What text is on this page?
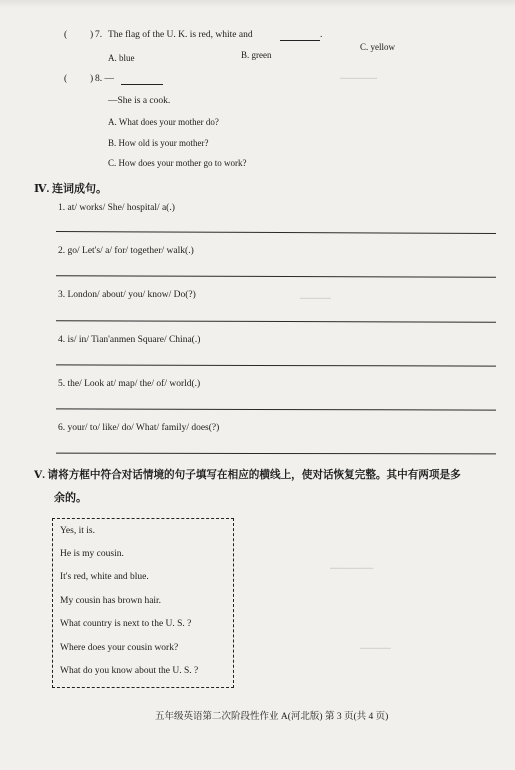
▁▁▁▁▁▁
▁▁▁▁▁
▁▁▁▁▁▁▁
▁▁▁▁▁
( ) 7. The flag of the U. K. is red, white and	.
A. blue	B. green
C. yellow
( ) 8. —
—She is a cook.
A. What does your mother do?
B. How old is your mother?
C. How does your mother go to work?
Ⅳ. 连词成句。
1. at/ works/ She/ hospital/ a(.)
2. go/ Let's/ a/ for/ together/ walk(.)
3. London/ about/ you/ know/ Do(?)
4. is/ in/ Tian'anmen Square/ China(.)
5. the/ Look at/ map/ the/ of/ world(.)
6. your/ to/ like/ do/ What/ family/ does(?)
Ⅴ. 请将方框中符合对话情境的句子填写在相应的横线上，使对话恢复完整。其中有两项是多
余的。
Yes, it is.
He is my cousin.
It's red, white and blue.
My cousin has brown hair.
What country is next to the U. S. ?
Where does your cousin work?
What do you know about the U. S. ?
五年级英语第二次阶段性作业 A(河北版) 第 3 页(共 4 页)
